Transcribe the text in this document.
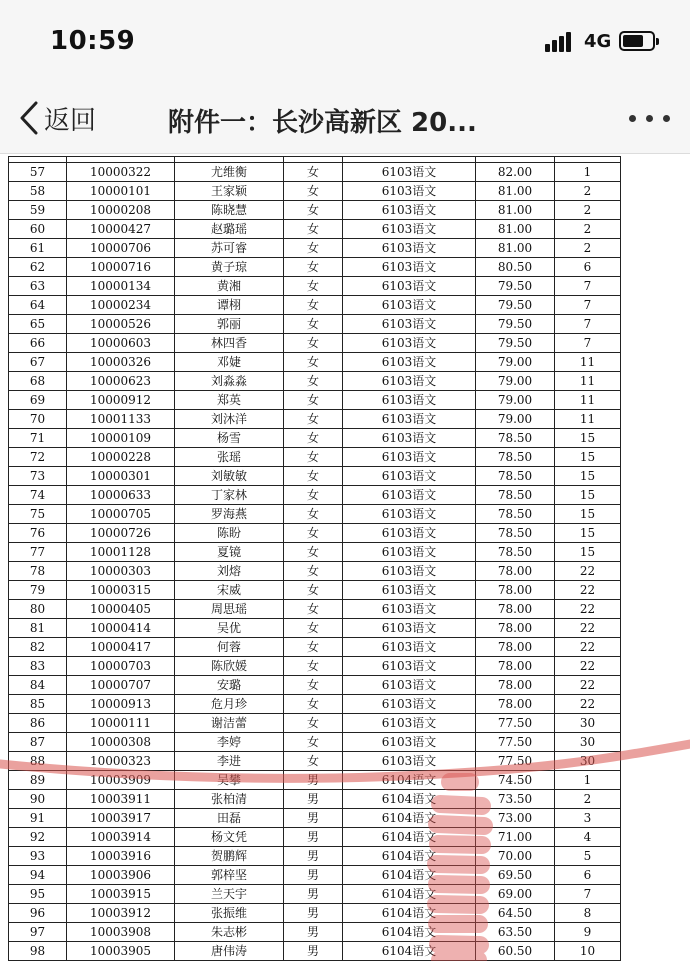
10:59	4G
返回	附件一：长沙高新区 20...

57	10000322	尤维衡	女	6103语文	82.00	1
58	10000101	王家颖	女	6103语文	81.00	2
59	10000208	陈晓慧	女	6103语文	81.00	2
60	10000427	赵璐瑶	女	6103语文	81.00	2
61	10000706	苏可睿	女	6103语文	81.00	2
62	10000716	黄子琼	女	6103语文	80.50	6
63	10000134	黄湘	女	6103语文	79.50	7
64	10000234	谭栩	女	6103语文	79.50	7
65	10000526	郭丽	女	6103语文	79.50	7
66	10000603	林四香	女	6103语文	79.50	7
67	10000326	邓婕	女	6103语文	79.00	11
68	10000623	刘淼淼	女	6103语文	79.00	11
69	10000912	郑英	女	6103语文	79.00	11
70	10001133	刘沐洋	女	6103语文	79.00	11
71	10000109	杨雪	女	6103语文	78.50	15
72	10000228	张瑶	女	6103语文	78.50	15
73	10000301	刘敏敏	女	6103语文	78.50	15
74	10000633	丁家林	女	6103语文	78.50	15
75	10000705	罗海燕	女	6103语文	78.50	15
76	10000726	陈盼	女	6103语文	78.50	15
77	10001128	夏镜	女	6103语文	78.50	15
78	10000303	刘熔	女	6103语文	78.00	22
79	10000315	宋威	女	6103语文	78.00	22
80	10000405	周思瑶	女	6103语文	78.00	22
81	10000414	吴优	女	6103语文	78.00	22
82	10000417	何蓉	女	6103语文	78.00	22
83	10000703	陈欣媛	女	6103语文	78.00	22
84	10000707	安璐	女	6103语文	78.00	22
85	10000913	危月珍	女	6103语文	78.00	22
86	10000111	谢洁蕾	女	6103语文	77.50	30
87	10000308	李婷	女	6103语文	77.50	30
88	10000323	李进	女	6103语文	77.50	30
89	10003909	吴攀	男	6104语文	74.50	1
90	10003911	张柏清	男	6104语文	73.50	2
91	10003917	田磊	男	6104语文	73.00	3
92	10003914	杨文凭	男	6104语文	71.00	4
93	10003916	贺鹏辉	男	6104语文	70.00	5
94	10003906	郭梓坚	男	6104语文	69.50	6
95	10003915	兰天宇	男	6104语文	69.00	7
96	10003912	张振维	男	6104语文	64.50	8
97	10003908	朱志彬	男	6104语文	63.50	9
98	10003905	唐伟涛	男	6104语文	60.50	10
